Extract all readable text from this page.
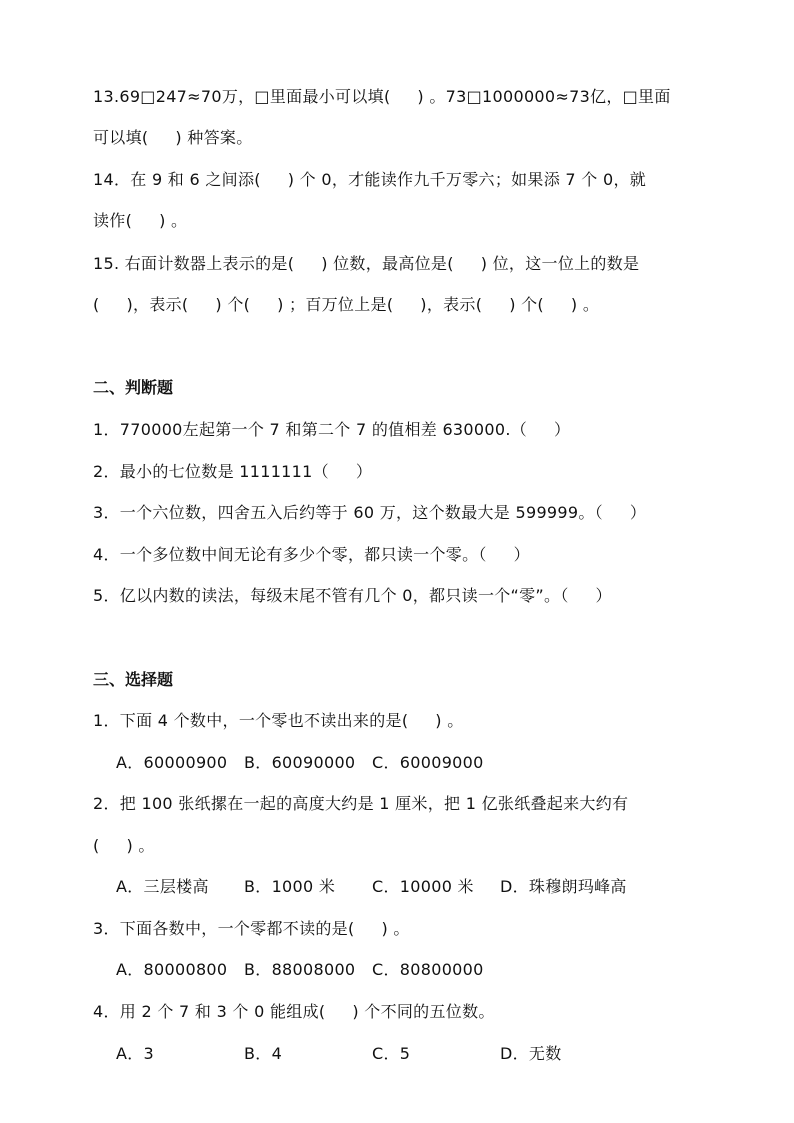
13.69□247≈70万，□里面最小可以填(     ) 。73□1000000≈73亿，□里面
可以填(     ) 种答案。
14．在 9 和 6 之间添(     ) 个 0，才能读作九千万零六；如果添 7 个 0，就
读作(     ) 。
15. 右面计数器上表示的是(     ) 位数，最高位是(     ) 位，这一位上的数是
(     )，表示(     ) 个(     ) ；百万位上是(     )，表示(     ) 个(     ) 。
二、判断题
1．770000左起第一个 7 和第二个 7 的值相差 630000.（     ）
2．最小的七位数是 1111111（     ）
3．一个六位数，四舍五入后约等于 60 万，这个数最大是 599999。（     ）
4．一个多位数中间无论有多少个零，都只读一个零。（     ）
5．亿以内数的读法，每级末尾不管有几个 0，都只读一个“零”。（     ）
三、选择题
1．下面 4 个数中，一个零也不读出来的是(     ) 。
A．60000900 B．60090000 C．60009000
2．把 100 张纸摞在一起的高度大约是 1 厘米，把 1 亿张纸叠起来大约有
(     ) 。
A．三层楼高 B．1000 米 C．10000 米 D．珠穆朗玛峰高
3．下面各数中，一个零都不读的是(     ) 。
A．80000800 B．88008000 C．80800000
4．用 2 个 7 和 3 个 0 能组成(     ) 个不同的五位数。
A．3	B．4	C．5	D．无数
